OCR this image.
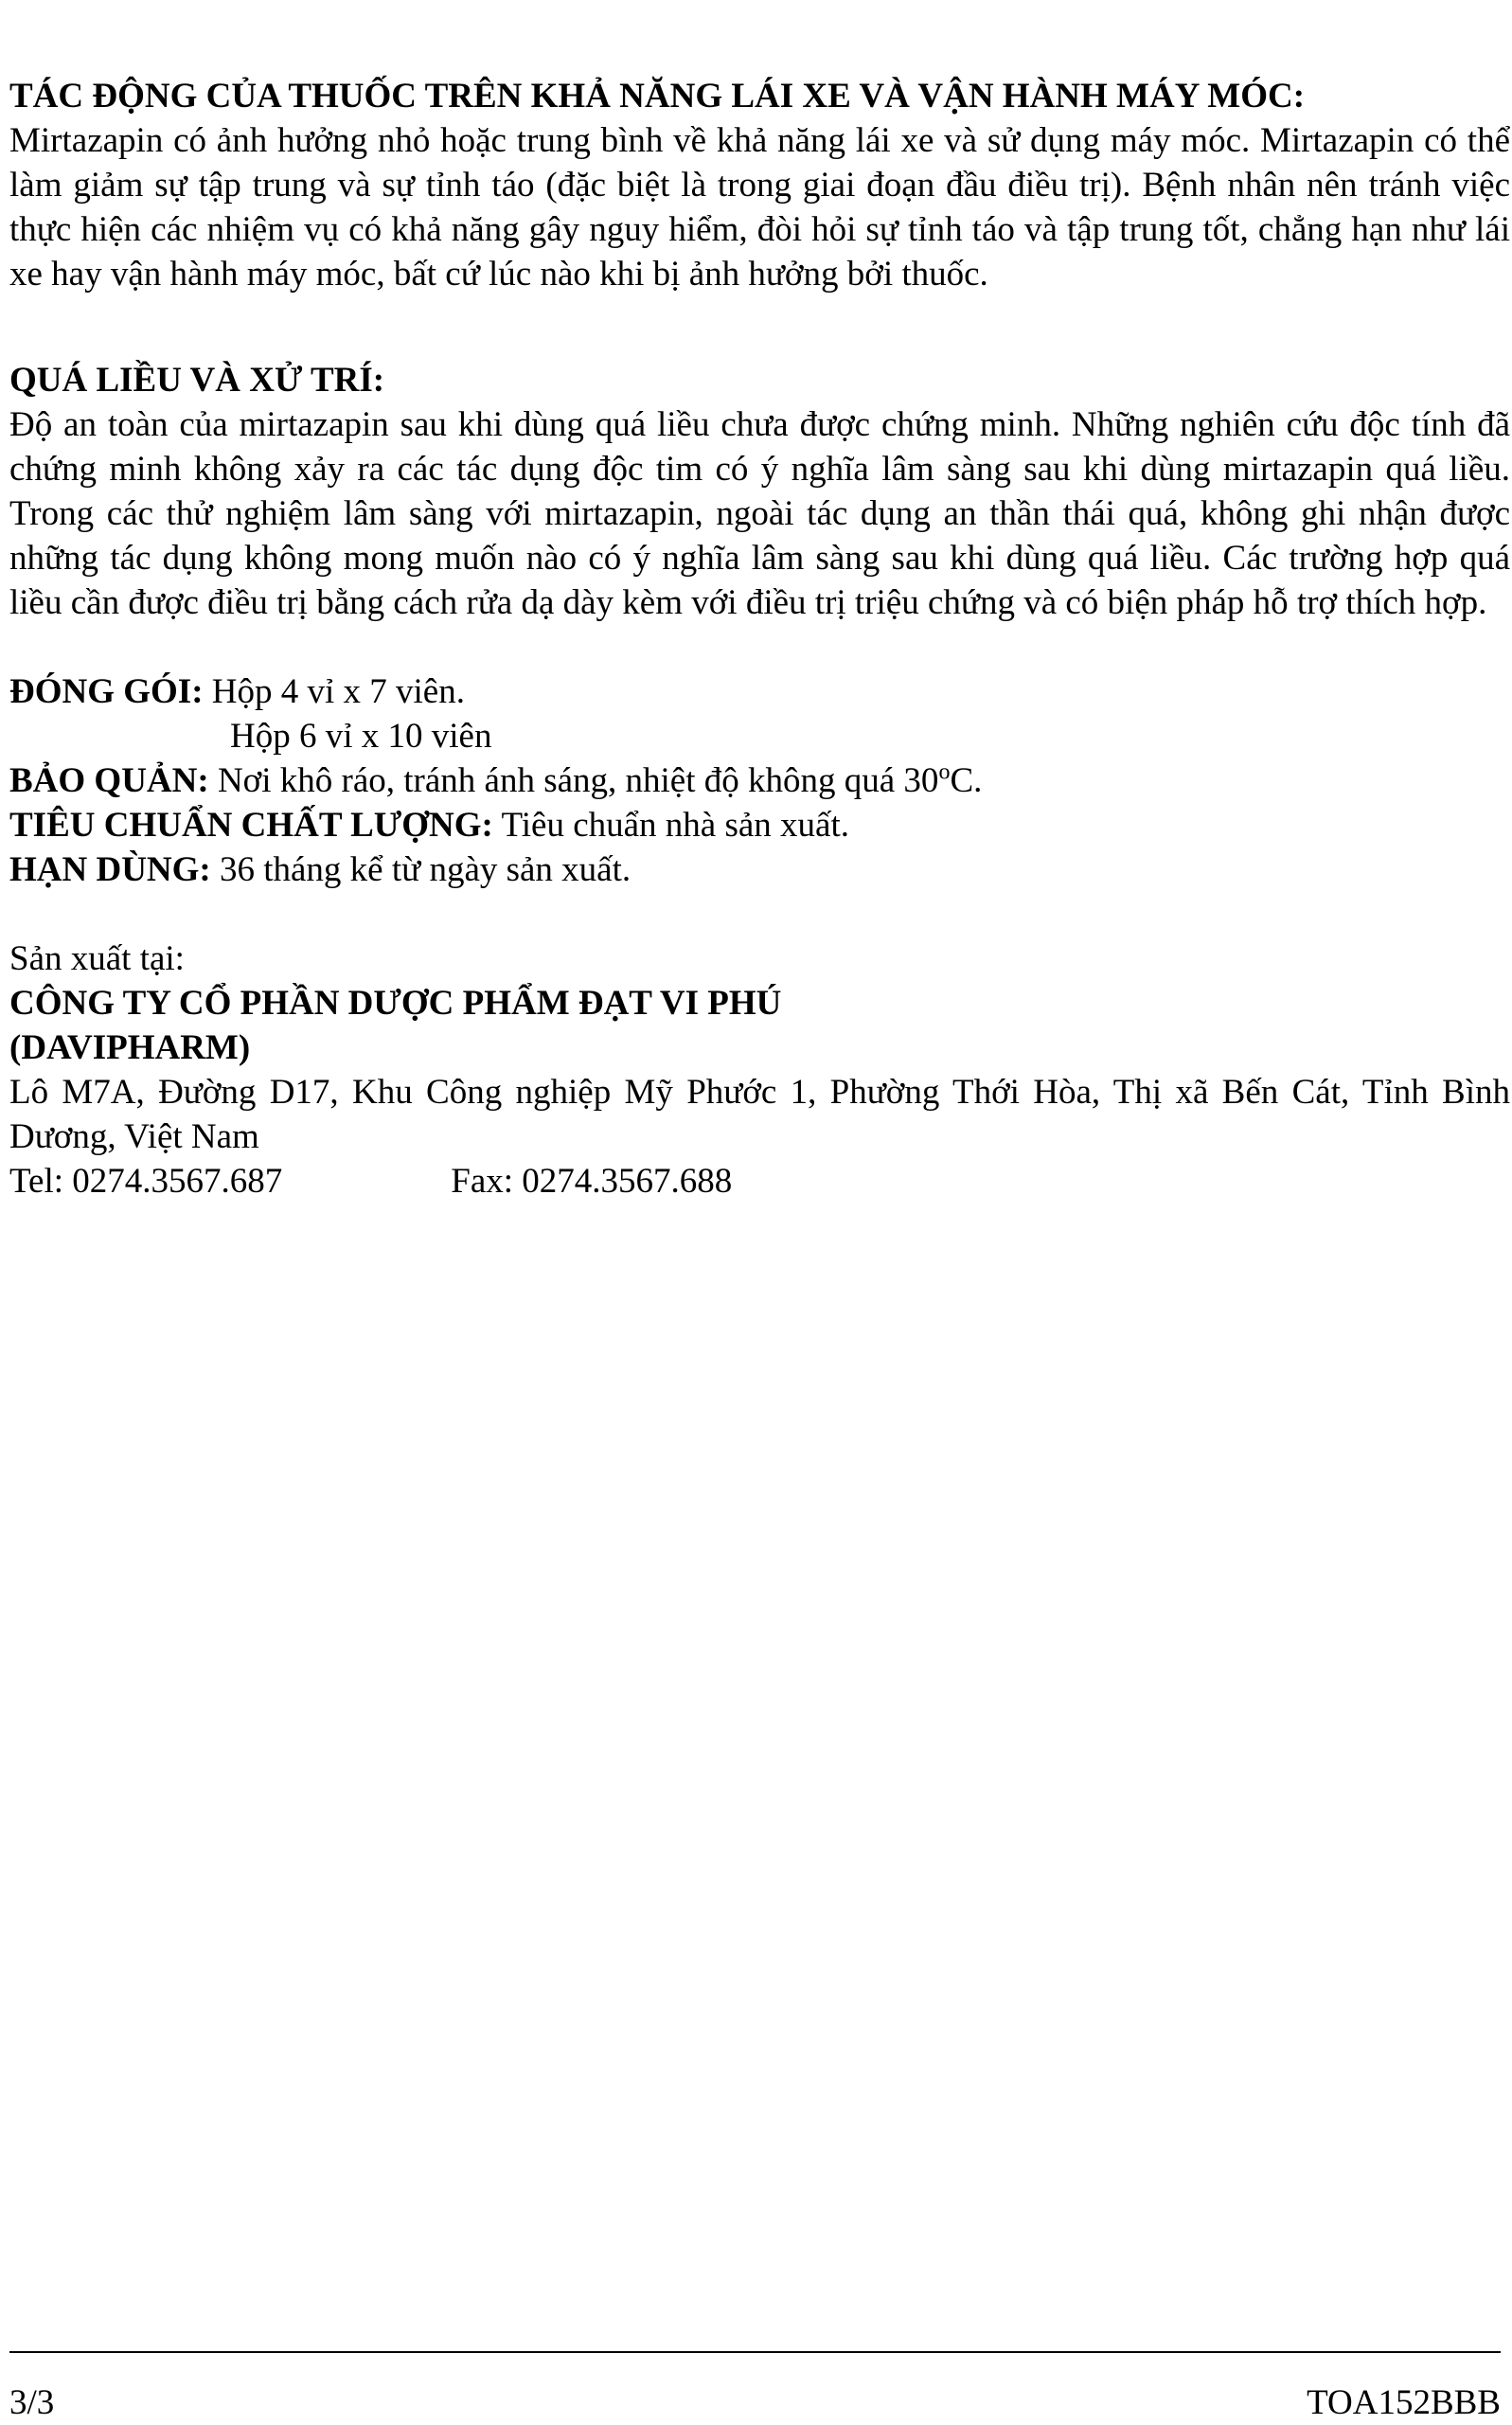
TÁC ĐỘNG CỦA THUỐC TRÊN KHẢ NĂNG LÁI XE VÀ VẬN HÀNH MÁY MÓC:

Mirtazapin có ảnh hưởng nhỏ hoặc trung bình về khả năng lái xe và sử dụng máy móc. Mirtazapin có thể làm giảm sự tập trung và sự tỉnh táo (đặc biệt là trong giai đoạn đầu điều trị). Bệnh nhân nên tránh việc thực hiện các nhiệm vụ có khả năng gây nguy hiểm, đòi hỏi sự tỉnh táo và tập trung tốt, chẳng hạn như lái xe hay vận hành máy móc, bất cứ lúc nào khi bị ảnh hưởng bởi thuốc.

QUÁ LIỀU VÀ XỬ TRÍ:

Độ an toàn của mirtazapin sau khi dùng quá liều chưa được chứng minh. Những nghiên cứu độc tính đã chứng minh không xảy ra các tác dụng độc tim có ý nghĩa lâm sàng sau khi dùng mirtazapin quá liều. Trong các thử nghiệm lâm sàng với mirtazapin, ngoài tác dụng an thần thái quá, không ghi nhận được những tác dụng không mong muốn nào có ý nghĩa lâm sàng sau khi dùng quá liều. Các trường hợp quá liều cần được điều trị bằng cách rửa dạ dày kèm với điều trị triệu chứng và có biện pháp hỗ trợ thích hợp.

ĐÓNG GÓI: Hộp 4 vỉ x 7 viên.
Hộp 6 vỉ x 10 viên
BẢO QUẢN: Nơi khô ráo, tránh ánh sáng, nhiệt độ không quá 30$^o$C.
TIÊU CHUẨN CHẤT LƯỢNG: Tiêu chuẩn nhà sản xuất.
HẠN DÙNG: 36 tháng kể từ ngày sản xuất.
Sản xuất tại:
CÔNG TY CỔ PHẦN DƯỢC PHẨM ĐẠT VI PHÚ
(DAVIPHARM)

Lô M7A, Đường D17, Khu Công nghiệp Mỹ Phước 1, Phường Thới Hòa, Thị xã Bến Cát, Tỉnh Bình Dương, Việt Nam

Tel: 0274.3567.687	Fax: 0274.3567.688
3/3	TOA152BBB
